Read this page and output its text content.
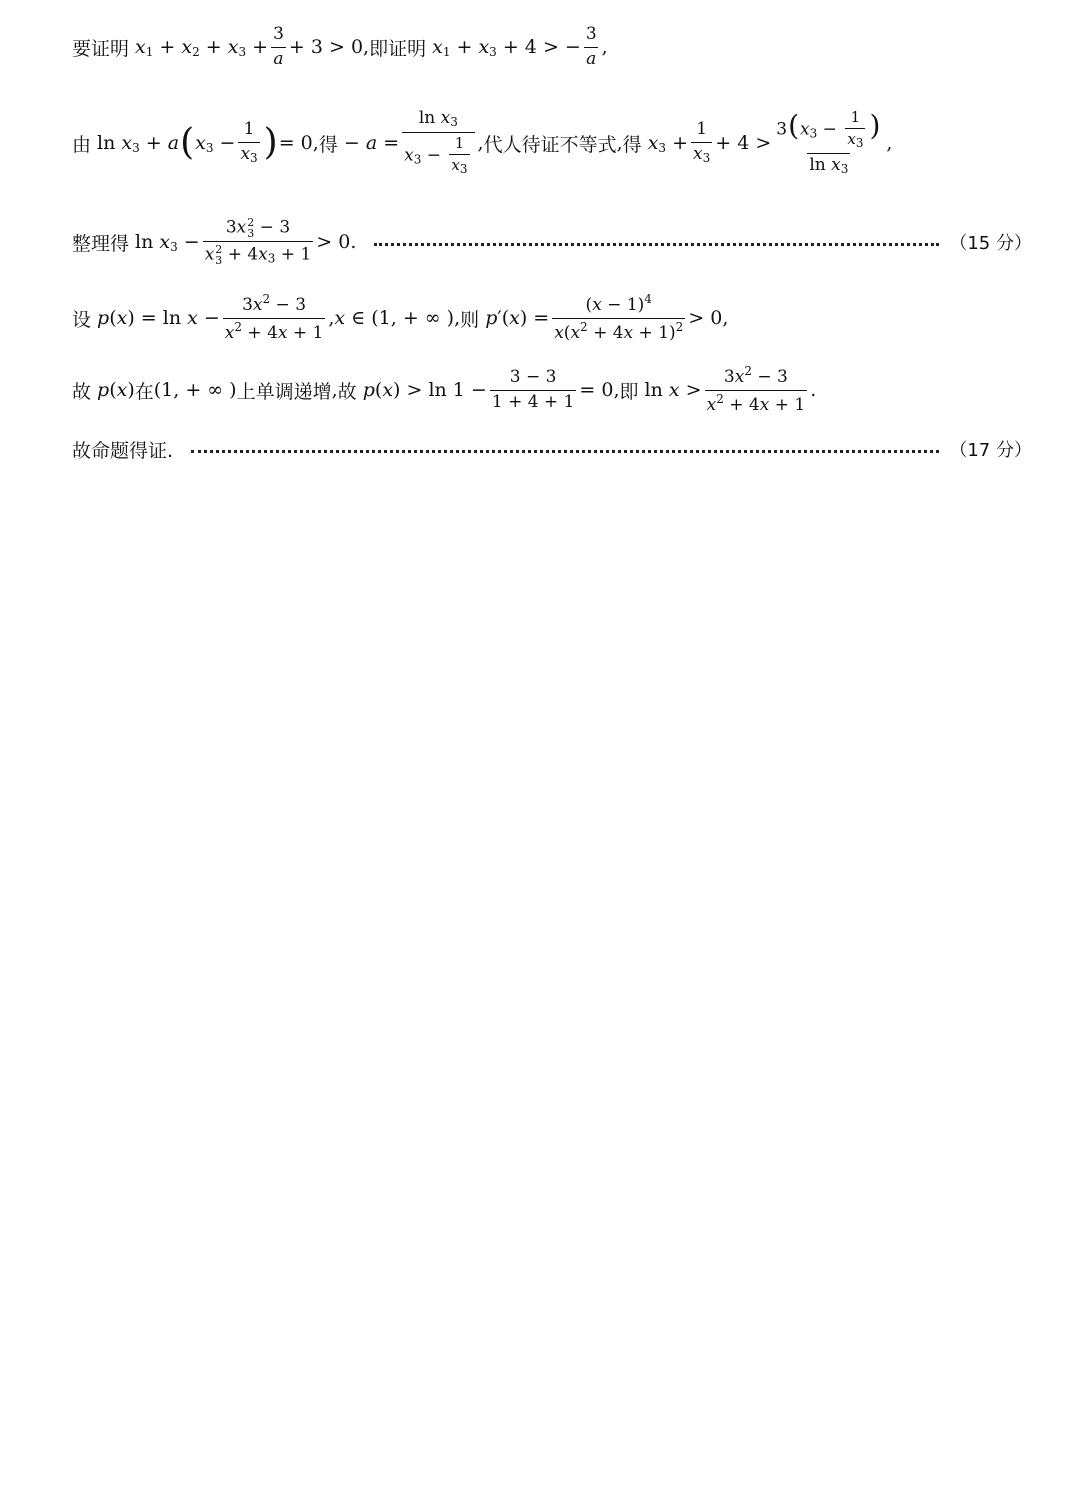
要证明 $x_1 + x_2 + x_3 + \frac{3}{a} + 3 > 0$, 即证明 $x_1 + x_3 + 4$ > − $\frac{3}{a}$ ,
由 $\ln x_3 + a$ ( $x_3 - \frac{1}{x_3}$ ) = 0, 得 − $a = \frac{\ln x_3}{x_3 - \frac{1}{x_3}}$ , 代人待证不等式 , 得 $x_3 + \frac{1}{x_3} + 4 > \frac{3(x_3 - \frac{1}{x_3} )}{\ln x_3}$ ,
整理得 $\ln x_3 - 3x$ 2
3 − 3
x 2
$3 + 4x_3 + 1 > 0$.	（15 分）
设 $p(x) = \ln x - \frac{3x^2 - 3}{x^2 + 4x + 1} ,x$ ∈ (1, + ∞ ), 则 $p'(x) = \frac{(x - 1)^4}{x(x^2 + 4x + 1)^2} > 0$,
故 p(x) 在 (1, + ∞ ) 上单调递增 , 故 $p(x) > \ln 1 - \frac{3 - 3}{1 + 4 + 1} = 0$, 即 $\ln x > \frac{3x^2 - 3}{x^2 + 4x + 1}$ .
故命题得证.	（17 分）
